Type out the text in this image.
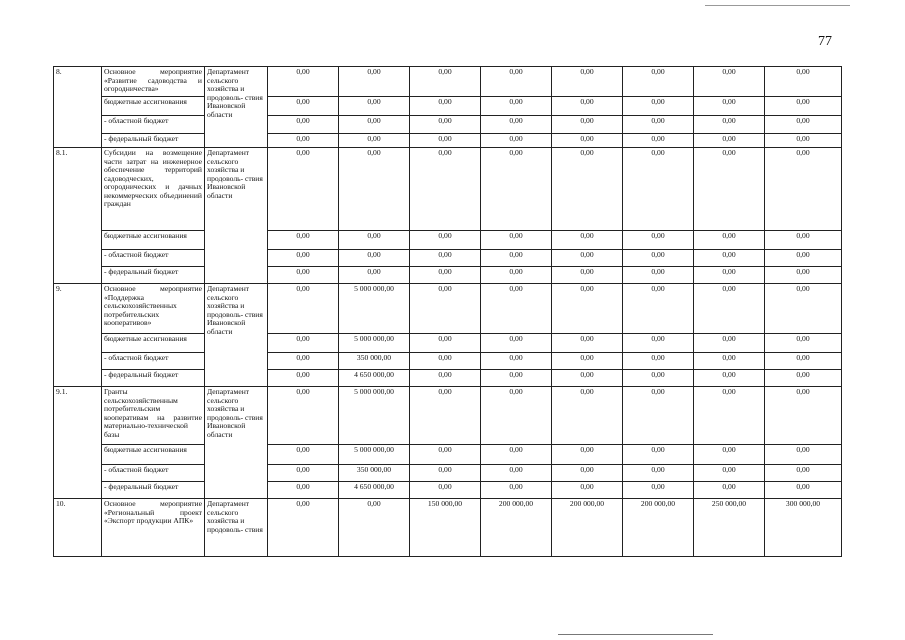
77
8.	Основное мероприятие «Развитие садоводства и огородничества»	Департамент сельского хозяйства и продоволь- ствия Ивановской области	0,00	0,00	0,00	0,00	0,00	0,00	0,00	0,00
	бюджетные ассигнования		0,00	0,00	0,00	0,00	0,00	0,00	0,00	0,00
	- областной бюджет		0,00	0,00	0,00	0,00	0,00	0,00	0,00	0,00
	- федеральный бюджет		0,00	0,00	0,00	0,00	0,00	0,00	0,00	0,00
8.1.	Субсидии на возмещение части затрат на инженерное обеспечение территорий садоводческих, огороднических и дачных некоммерческих объединений граждан	Департамент сельского хозяйства и продоволь- ствия Ивановской области	0,00	0,00	0,00	0,00	0,00	0,00	0,00	0,00
	бюджетные ассигнования		0,00	0,00	0,00	0,00	0,00	0,00	0,00	0,00
	- областной бюджет		0,00	0,00	0,00	0,00	0,00	0,00	0,00	0,00
	- федеральный бюджет		0,00	0,00	0,00	0,00	0,00	0,00	0,00	0,00
9.	Основное мероприятие «Поддержка сельскохозяйственных потребительских кооперативов»	Департамент сельского хозяйства и продоволь- ствия Ивановской области	0,00	5 000 000,00	0,00	0,00	0,00	0,00	0,00	0,00
	бюджетные ассигнования		0,00	5 000 000,00	0,00	0,00	0,00	0,00	0,00	0,00
	- областной бюджет		0,00	350 000,00	0,00	0,00	0,00	0,00	0,00	0,00
	- федеральный бюджет		0,00	4 650 000,00	0,00	0,00	0,00	0,00	0,00	0,00
9.1.	Гранты сельскохозяйственным потребительским кооперативам на развитие материально-технической базы	Департамент сельского хозяйства и продоволь- ствия Ивановской области	0,00	5 000 000,00	0,00	0,00	0,00	0,00	0,00	0,00
	бюджетные ассигнования		0,00	5 000 000,00	0,00	0,00	0,00	0,00	0,00	0,00
	- областной бюджет		0,00	350 000,00	0,00	0,00	0,00	0,00	0,00	0,00
	- федеральный бюджет		0,00	4 650 000,00	0,00	0,00	0,00	0,00	0,00	0,00
10.	Основное мероприятие «Региональный проект «Экспорт продукции АПК»	Департамент сельского хозяйства и продоволь- ствия	0,00	0,00	150 000,00	200 000,00	200 000,00	200 000,00	250 000,00	300 000,00
